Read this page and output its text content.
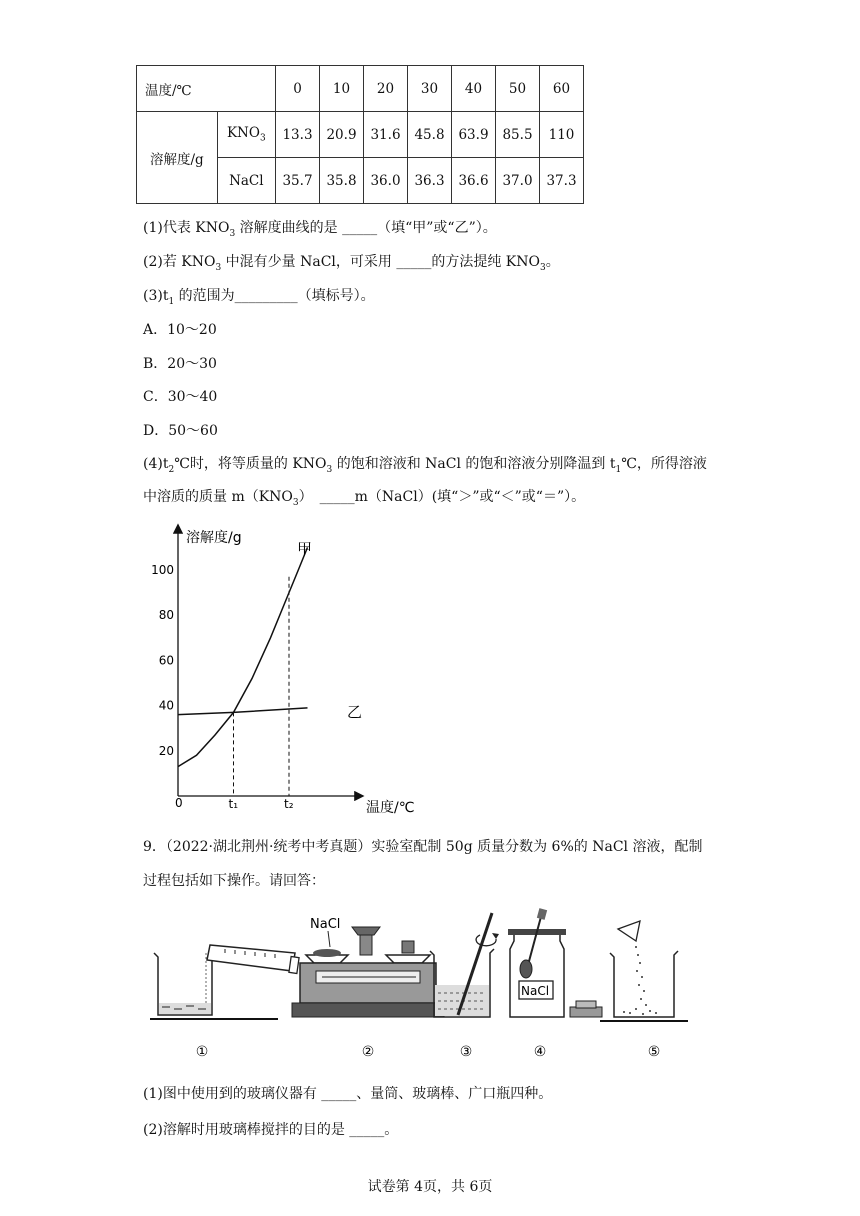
温度/℃		0	10	20	30	40	50	60
溶解度/g	$KNO_3$	13.3	20.9	31.6	45.8	63.9	85.5	110
	NaCl	35.7	35.8	36.0	36.3	36.6	37.0	37.3
(1)代表 $KNO_3$ 溶解度曲线的是 _____（填“甲”或“乙”）。
(2)若 $KNO_3$ 中混有少量 NaCl，可采用 _____的方法提纯 $KNO_3$。
$(3)t_1$ 的范围为_________（填标号）。
A．10～20
B．20～30
C．30～40
D．50～60
$(4)t_2℃$时，将等质量的 $KNO_3$ 的饱和溶液和 NaCl 的饱和溶液分别降温到 $t_1℃$，所得溶液
中溶质的质量 $m(KNO_3)$　_____m（NaCl）(填“＞”或“＜”或“＝”）。
溶解度/g
温度/℃
20
40
60
80
100
0	t₁	t₂
甲
乙
9．（2022·湖北荆州·统考中考真题）实验室配制 50g 质量分数为 6%的 NaCl 溶液，配制
过程包括如下操作。请回答：
NaCl
NaCl
①	②	③	④	⑤
(1)图中使用到的玻璃仪器有 _____、量筒、玻璃棒、广口瓶四种。
(2)溶解时用玻璃棒搅拌的目的是 _____。
试卷第 4页，共 6页
